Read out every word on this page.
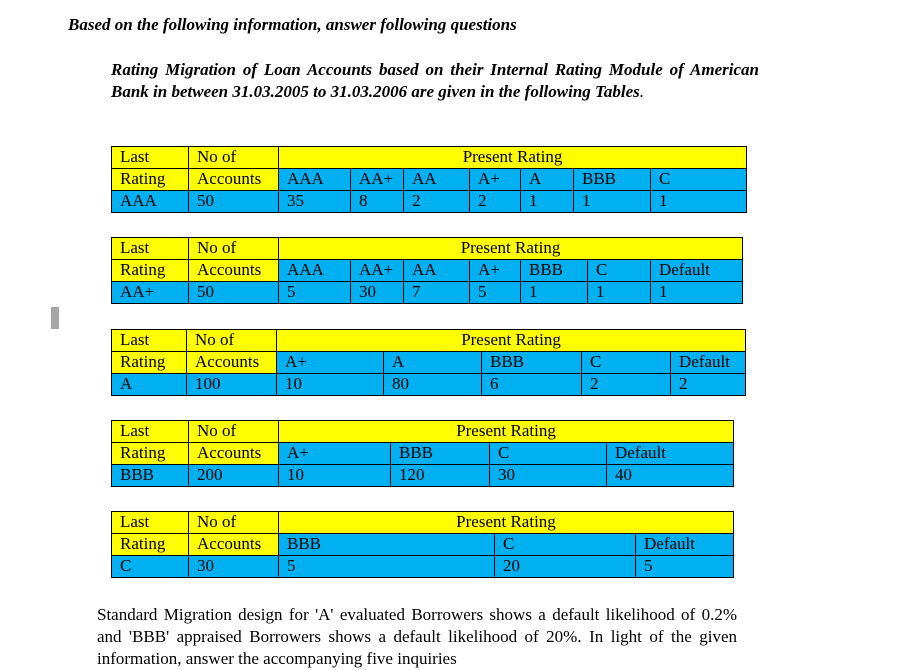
Based on the following information, answer following questions
Rating Migration of Loan Accounts based on their Internal Rating Module of American Bank in between 31.03.2005 to 31.03.2006 are given in the following Tables.
Last	No of	Present Rating						
Rating	Accounts	AAA	AA+	AA	A+	A	BBB	C
AAA	50	35	8	2	2	1	1	1
Last	No of	Present Rating						
Rating	Accounts	AAA	AA+	AA	A+	BBB	C	Default
AA+	50	5	30	7	5	1	1	1
Last	No of	Present Rating				
Rating	Accounts	A+	A	BBB	C	Default
A	100	10	80	6	2	2
Last	No of	Present Rating			
Rating	Accounts	A+	BBB	C	Default
BBB	200	10	120	30	40
Last	No of	Present Rating		
Rating	Accounts	BBB	C	Default
C	30	5	20	5
Standard Migration design for 'A' evaluated Borrowers shows a default likelihood of 0.2% and 'BBB' appraised Borrowers shows a default likelihood of 20%. In light of the given information, answer the accompanying five inquiries
